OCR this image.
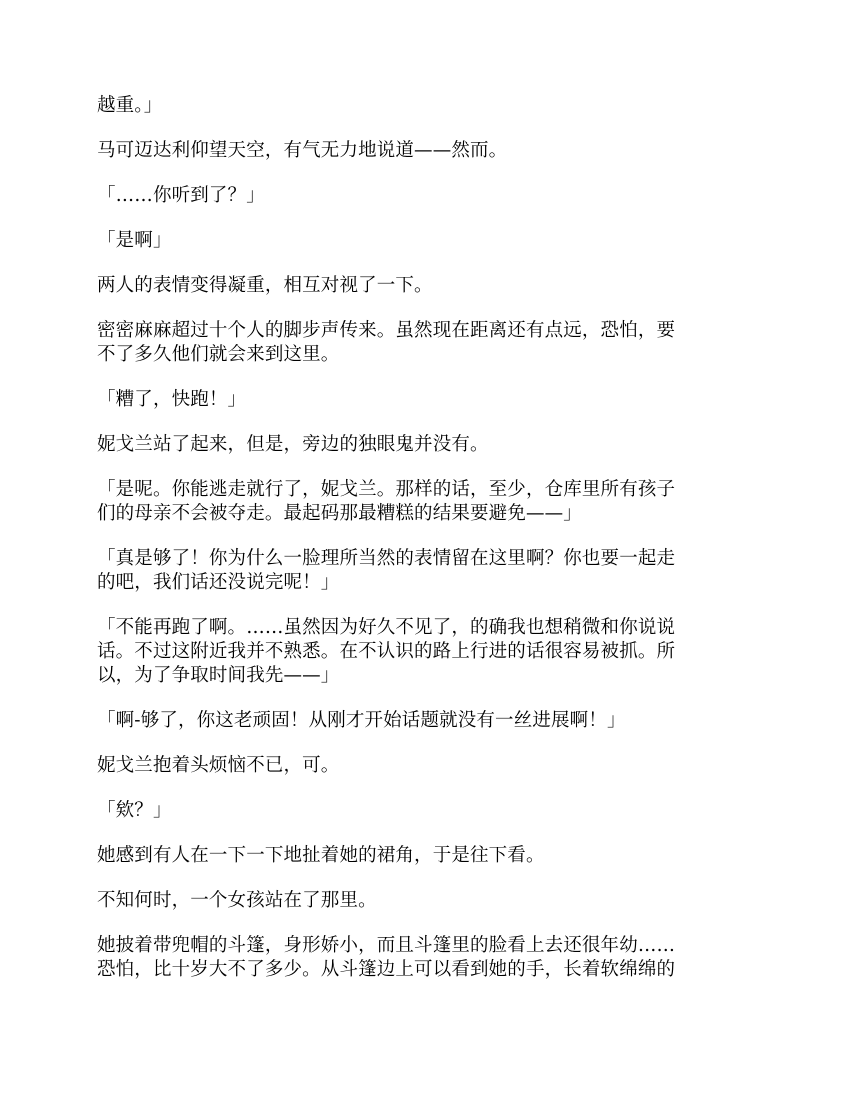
越重。」

马可迈达利仰望天空，有气无力地说道——然而。

「……你听到了？」

「是啊」

两人的表情变得凝重，相互对视了一下。

密密麻麻超过十个人的脚步声传来。虽然现在距离还有点远，恐怕，要
不了多久他们就会来到这里。

「糟了，快跑！」

妮戈兰站了起来，但是，旁边的独眼鬼并没有。

「是呢。你能逃走就行了，妮戈兰。那样的话，至少，仓库里所有孩子
们的母亲不会被夺走。最起码那最糟糕的结果要避免——」

「真是够了！你为什么一脸理所当然的表情留在这里啊？你也要一起走
的吧，我们话还没说完呢！」

「不能再跑了啊。……虽然因为好久不见了，的确我也想稍微和你说说
话。不过这附近我并不熟悉。在不认识的路上行进的话很容易被抓。所
以，为了争取时间我先——」

「啊-够了，你这老顽固！从刚才开始话题就没有一丝进展啊！」

妮戈兰抱着头烦恼不已，可。

「欸？」

她感到有人在一下一下地扯着她的裙角，于是往下看。

不知何时，一个女孩站在了那里。

她披着带兜帽的斗篷，身形娇小，而且斗篷里的脸看上去还很年幼……
恐怕，比十岁大不了多少。从斗篷边上可以看到她的手，长着软绵绵的
